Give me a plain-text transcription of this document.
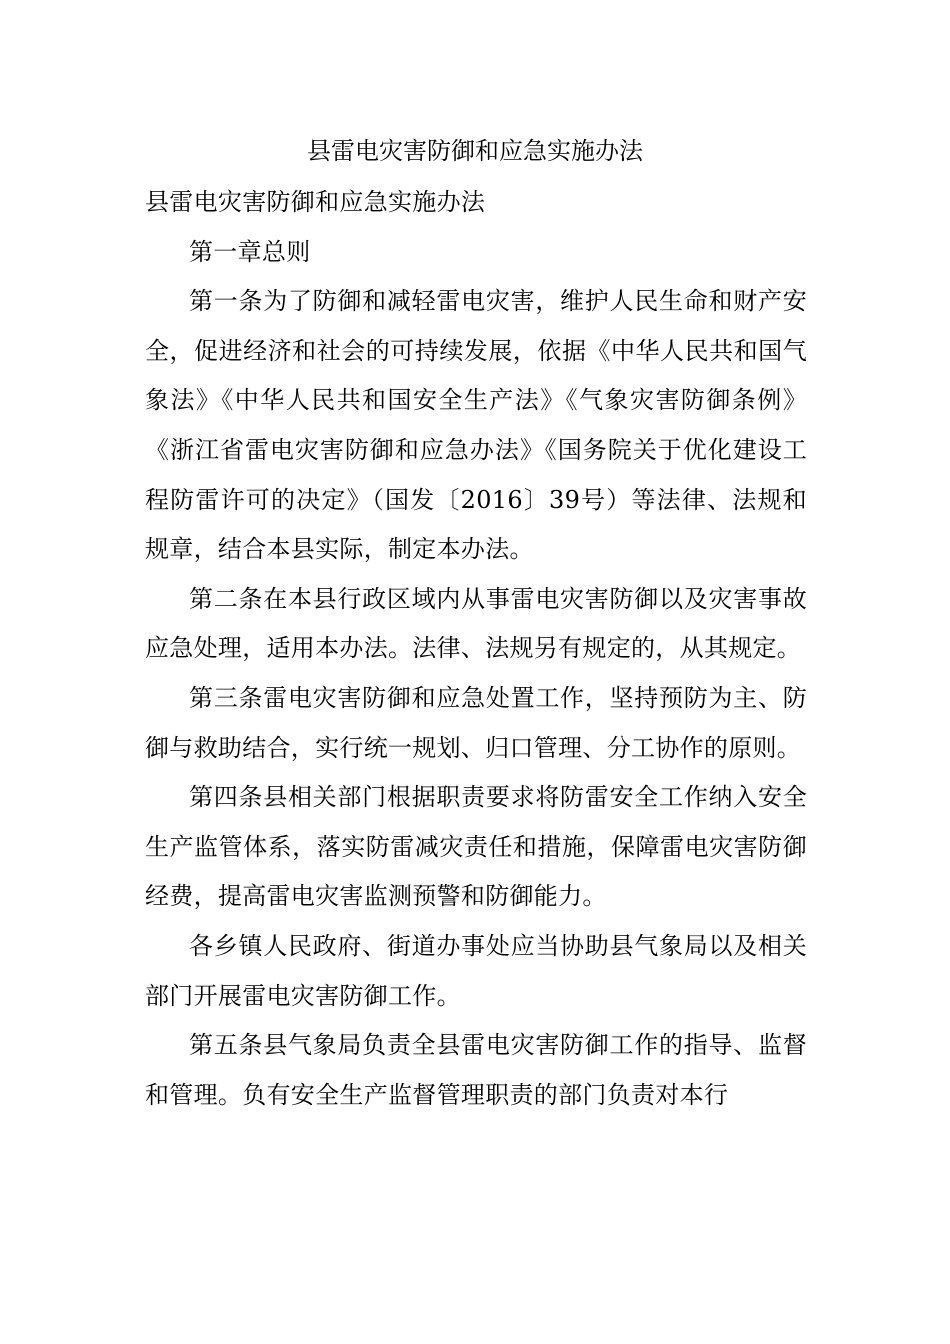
县雷电灾害防御和应急实施办法

县雷电灾害防御和应急实施办法

第一章总则

第一条为了防御和减轻雷电灾害，维护人民生命和财产安全，促进经济和社会的可持续发展，依据《中华人民共和国气象法》《中华人民共和国安全生产法》《气象灾害防御条例》《浙江省雷电灾害防御和应急办法》《国务院关于优化建设工程防雷许可的决定》（国发〔2016〕39号）等法律、法规和规章，结合本县实际，制定本办法。

第二条在本县行政区域内从事雷电灾害防御以及灾害事故应急处理，适用本办法。法律、法规另有规定的，从其规定。

第三条雷电灾害防御和应急处置工作，坚持预防为主、防御与救助结合，实行统一规划、归口管理、分工协作的原则。

第四条县相关部门根据职责要求将防雷安全工作纳入安全生产监管体系，落实防雷减灾责任和措施，保障雷电灾害防御经费，提高雷电灾害监测预警和防御能力。

各乡镇人民政府、街道办事处应当协助县气象局以及相关部门开展雷电灾害防御工作。

第五条县气象局负责全县雷电灾害防御工作的指导、监督和管理。负有安全生产监督管理职责的部门负责对本行
